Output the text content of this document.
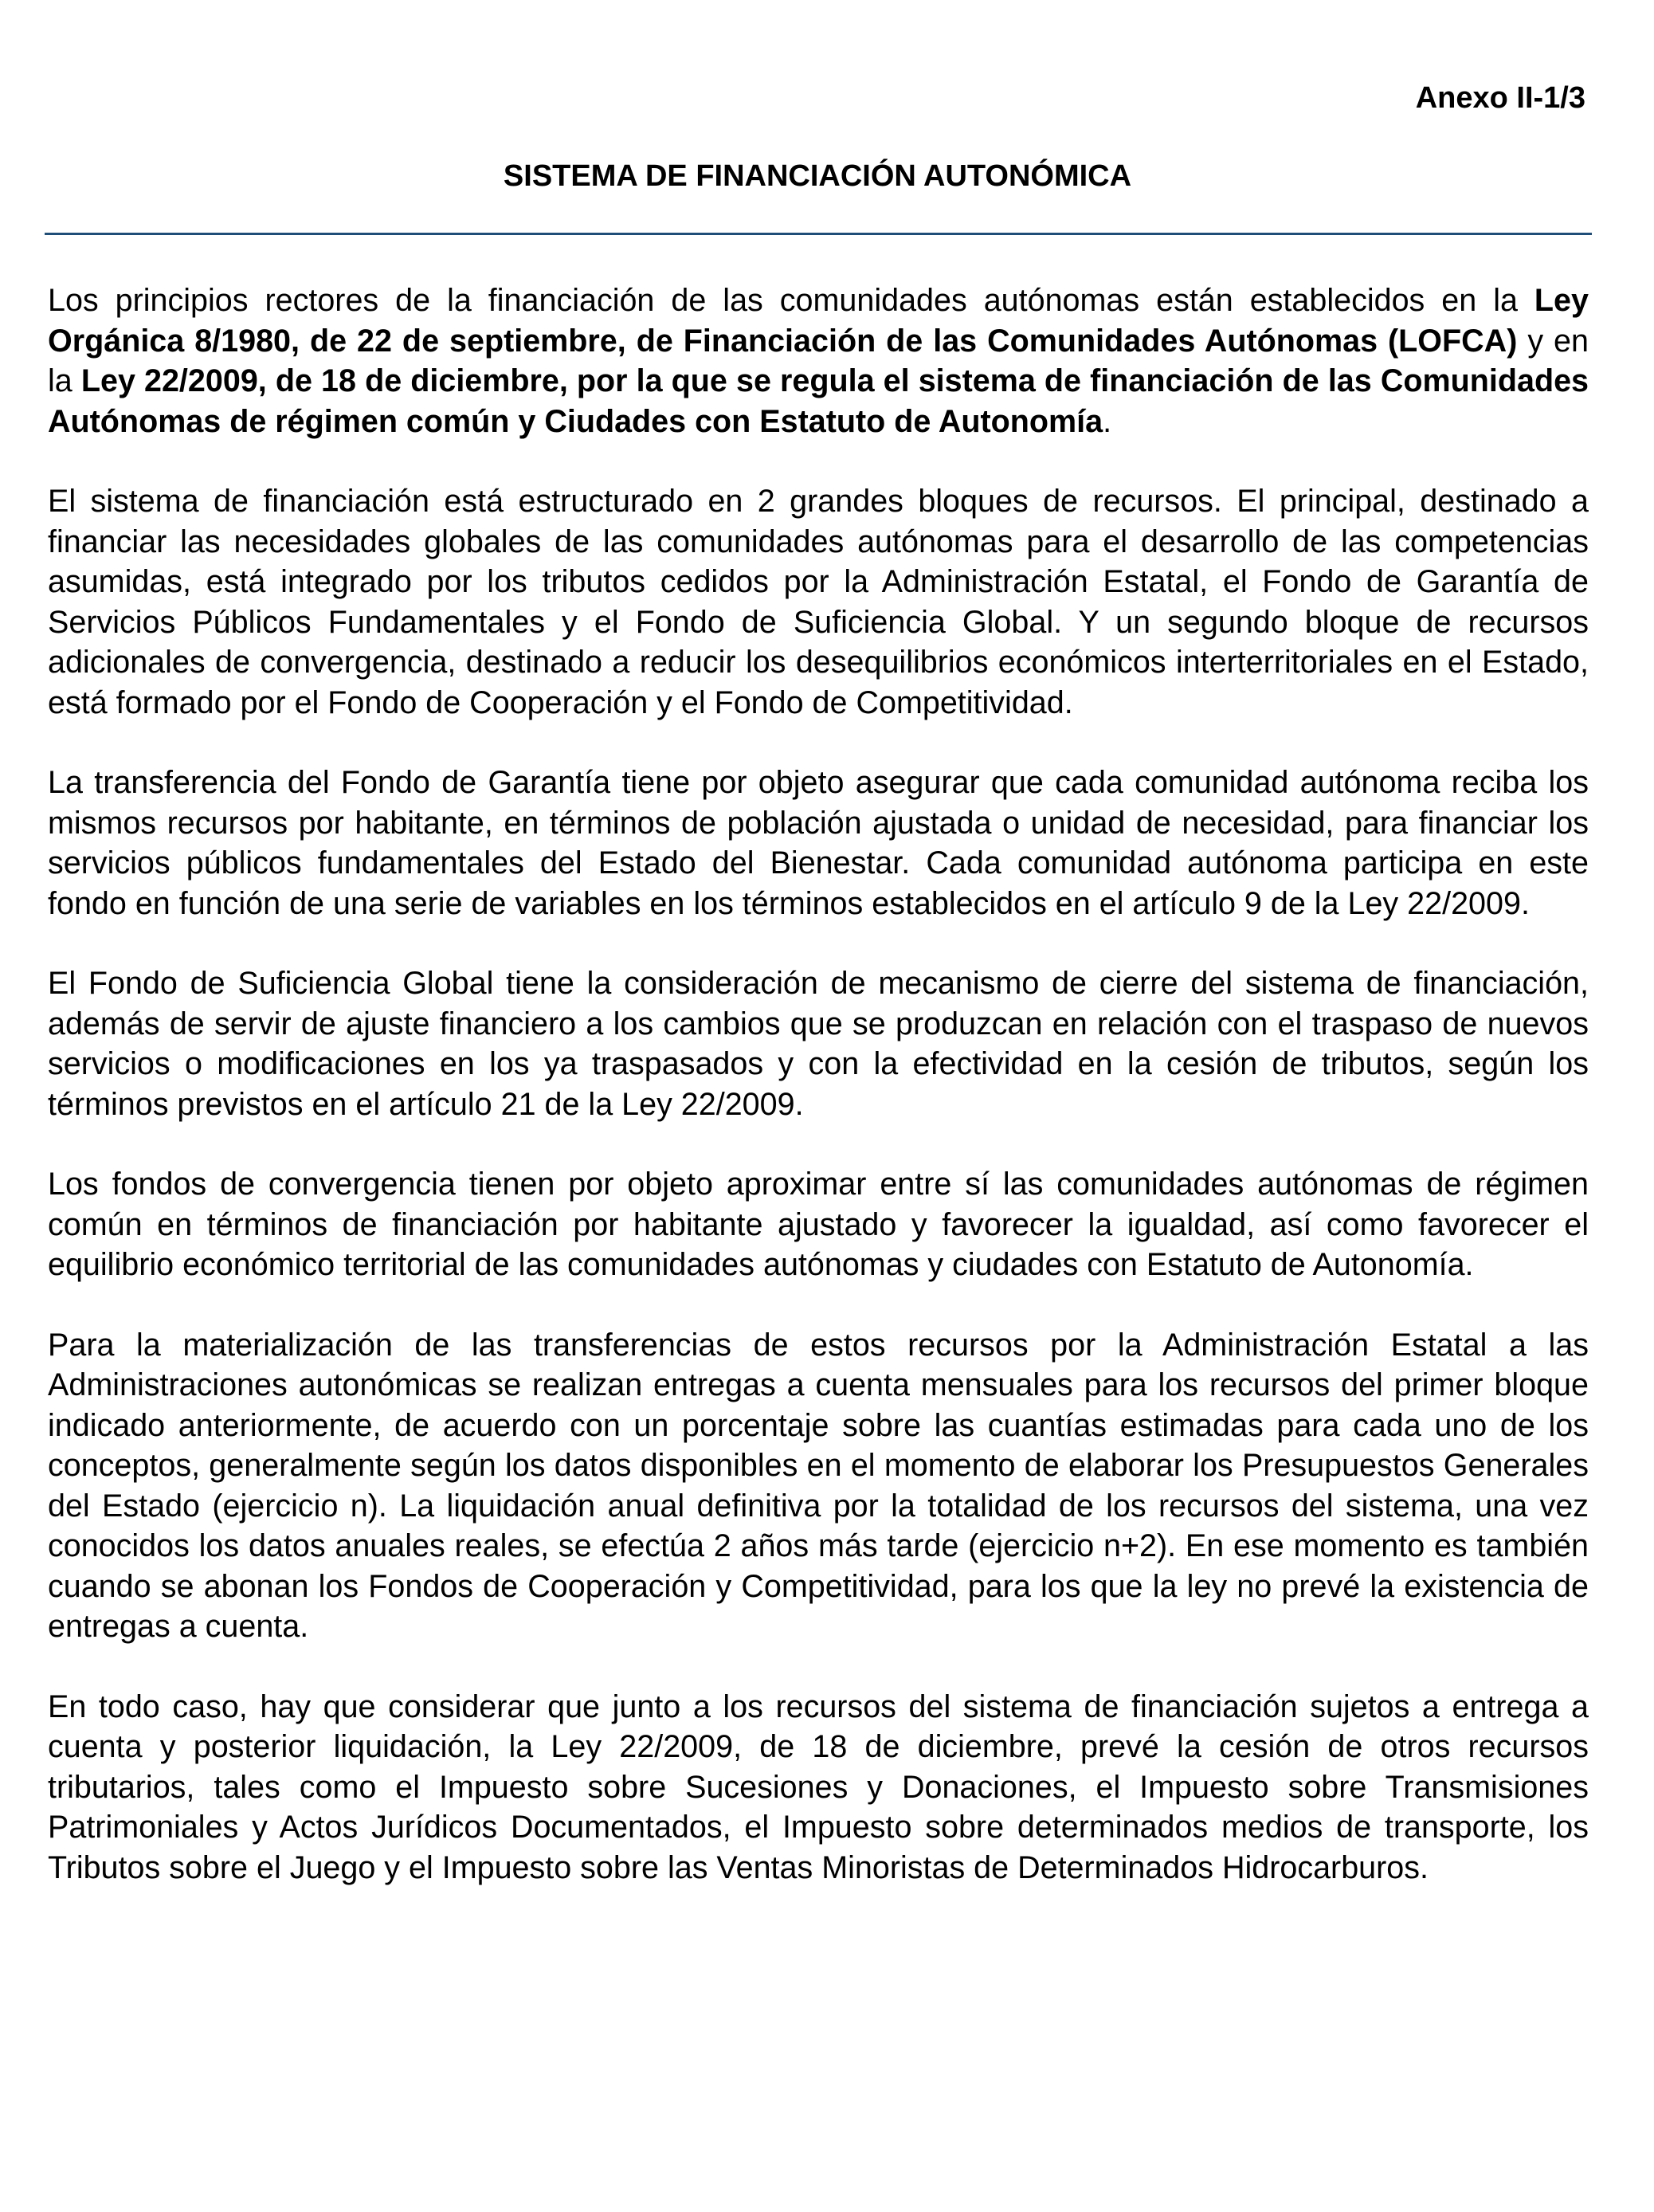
Anexo II-1/3
SISTEMA DE FINANCIACIÓN AUTONÓMICA

Los principios rectores de la financiación de las comunidades autónomas están establecidos en la Ley Orgánica 8/1980, de 22 de septiembre, de Financiación de las Comunidades Autónomas (LOFCA) y en la Ley 22/2009, de 18 de diciembre, por la que se regula el sistema de financiación de las Comunidades Autónomas de régimen común y Ciudades con Estatuto de Autonomía.

El sistema de financiación está estructurado en 2 grandes bloques de recursos. El principal, destinado a financiar las necesidades globales de las comunidades autónomas para el desarrollo de las competencias asumidas, está integrado por los tributos cedidos por la Administración Estatal, el Fondo de Garantía de Servicios Públicos Fundamentales y el Fondo de Suficiencia Global. Y un segundo bloque de recursos adicionales de convergencia, destinado a reducir los desequilibrios económicos interterritoriales en el Estado, está formado por el Fondo de Cooperación y el Fondo de Competitividad.

La transferencia del Fondo de Garantía tiene por objeto asegurar que cada comunidad autónoma reciba los mismos recursos por habitante, en términos de población ajustada o unidad de necesidad, para financiar los servicios públicos fundamentales del Estado del Bienestar. Cada comunidad autónoma participa en este fondo en función de una serie de variables en los términos establecidos en el artículo 9 de la Ley 22/2009.

El Fondo de Suficiencia Global tiene la consideración de mecanismo de cierre del sistema de financiación, además de servir de ajuste financiero a los cambios que se produzcan en relación con el traspaso de nuevos servicios o modificaciones en los ya traspasados y con la efectividad en la cesión de tributos, según los términos previstos en el artículo 21 de la Ley 22/2009.

Los fondos de convergencia tienen por objeto aproximar entre sí las comunidades autónomas de régimen común en términos de financiación por habitante ajustado y favorecer la igualdad, así como favorecer el equilibrio económico territorial de las comunidades autónomas y ciudades con Estatuto de Autonomía.

Para la materialización de las transferencias de estos recursos por la Administración Estatal a las Administraciones autonómicas se realizan entregas a cuenta mensuales para los recursos del primer bloque indicado anteriormente, de acuerdo con un porcentaje sobre las cuantías estimadas para cada uno de los conceptos, generalmente según los datos disponibles en el momento de elaborar los Presupuestos Generales del Estado (ejercicio n). La liquidación anual definitiva por la totalidad de los recursos del sistema, una vez conocidos los datos anuales reales, se efectúa 2 años más tarde (ejercicio n+2). En ese momento es también cuando se abonan los Fondos de Cooperación y Competitividad, para los que la ley no prevé la existencia de entregas a cuenta.

En todo caso, hay que considerar que junto a los recursos del sistema de financiación sujetos a entrega a cuenta y posterior liquidación, la Ley 22/2009, de 18 de diciembre, prevé la cesión de otros recursos tributarios, tales como el Impuesto sobre Sucesiones y Donaciones, el Impuesto sobre Transmisiones Patrimoniales y Actos Jurídicos Documentados, el Impuesto sobre determinados medios de transporte, los Tributos sobre el Juego y el Impuesto sobre las Ventas Minoristas de Determinados Hidrocarburos.
